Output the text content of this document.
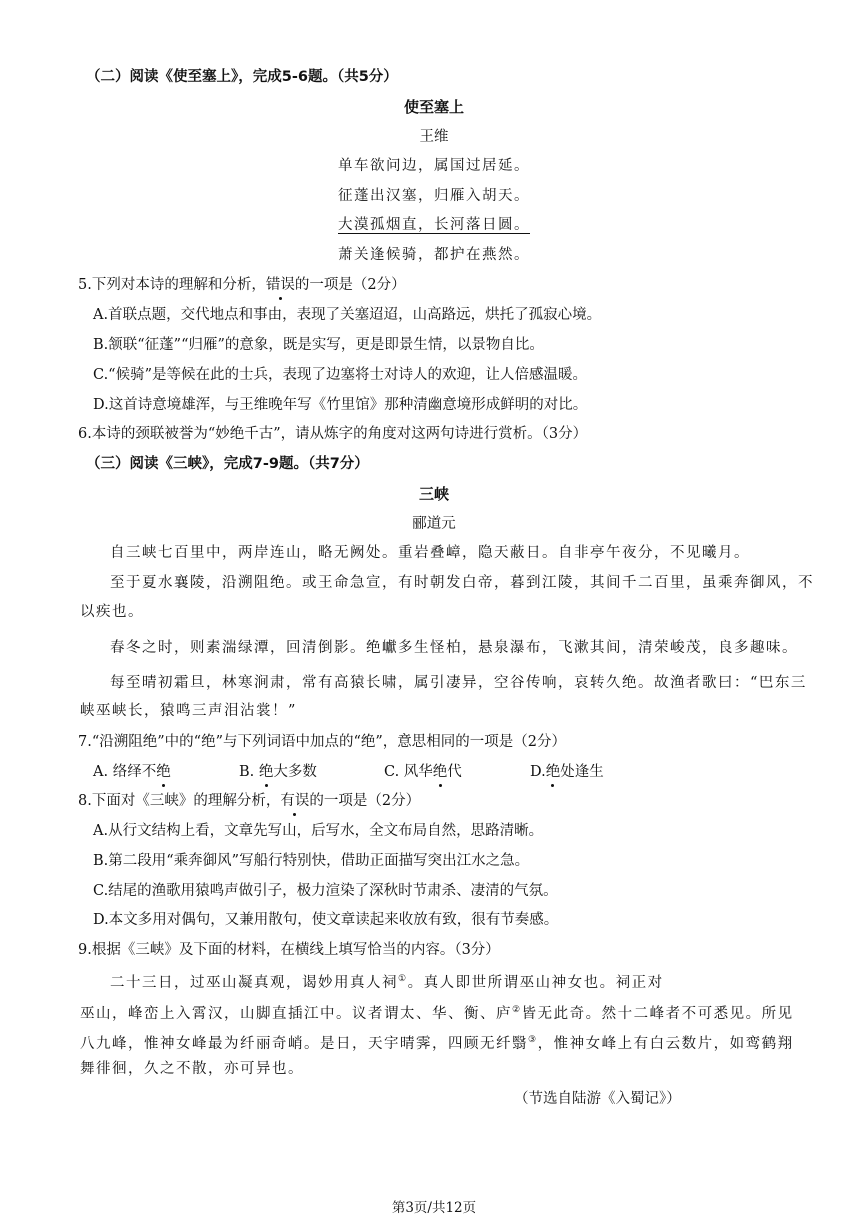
（二）阅读《使至塞上》，完成5-6题。（共5分）
使至塞上
王维
单车欲问边，属国过居延。
征蓬出汉塞，归雁入胡天。
大漠孤烟直，长河落日圆。
萧关逢候骑，都护在燕然。
5.下列对本诗的理解和分析，错误的一项是（2分）
A.首联点题，交代地点和事由，表现了关塞迢迢，山高路远，烘托了孤寂心境。
B.颔联“征蓬”“归雁”的意象，既是实写，更是即景生情，以景物自比。
C.“候骑”是等候在此的士兵，表现了边塞将士对诗人的欢迎，让人倍感温暖。
D.这首诗意境雄浑，与王维晚年写《竹里馆》那种清幽意境形成鲜明的对比。
6.本诗的颈联被誉为“妙绝千古”，请从炼字的角度对这两句诗进行赏析。（3分）
（三）阅读《三峡》，完成7-9题。（共7分）
三峡
郦道元
自三峡七百里中，两岸连山，略无阙处。重岩叠嶂，隐天蔽日。自非亭午夜分，不见曦月。
至于夏水襄陵，沿溯阻绝。或王命急宣，有时朝发白帝，暮到江陵，其间千二百里，虽乘奔御风，不
以疾也。
春冬之时，则素湍绿潭，回清倒影。绝巘多生怪柏，悬泉瀑布，飞漱其间，清荣峻茂，良多趣味。
每至晴初霜旦，林寒涧肃，常有高猿长啸，属引凄异，空谷传响，哀转久绝。故渔者歌曰：“巴东三
峡巫峡长，猿鸣三声泪沾裳！”
7.“沿溯阻绝”中的“绝”与下列词语中加点的“绝”，意思相同的一项是（2分）
A. 络绎不绝	B. 绝大多数	C. 风华绝代	D.绝处逢生
8.下面对《三峡》的理解分析，有误的一项是（2分）
A.从行文结构上看，文章先写山，后写水，全文布局自然，思路清晰。
B.第二段用“乘奔御风”写船行特别快，借助正面描写突出江水之急。
C.结尾的渔歌用猿鸣声做引子，极力渲染了深秋时节肃杀、凄清的气氛。
D.本文多用对偶句，又兼用散句，使文章读起来收放有致，很有节奏感。
9.根据《三峡》及下面的材料，在横线上填写恰当的内容。（3分）
二十三日，过巫山凝真观，谒妙用真人祠①。真人即世所谓巫山神女也。祠正对
巫山，峰峦上入霄汉，山脚直插江中。议者谓太、华、衡、庐②皆无此奇。然十二峰者不可悉见。所见
八九峰，惟神女峰最为纤丽奇峭。是日，天宇晴霁，四顾无纤翳③，惟神女峰上有白云数片，如鸾鹤翔
舞徘徊，久之不散，亦可异也。
（节选自陆游《入蜀记》）
第3页/共12页
